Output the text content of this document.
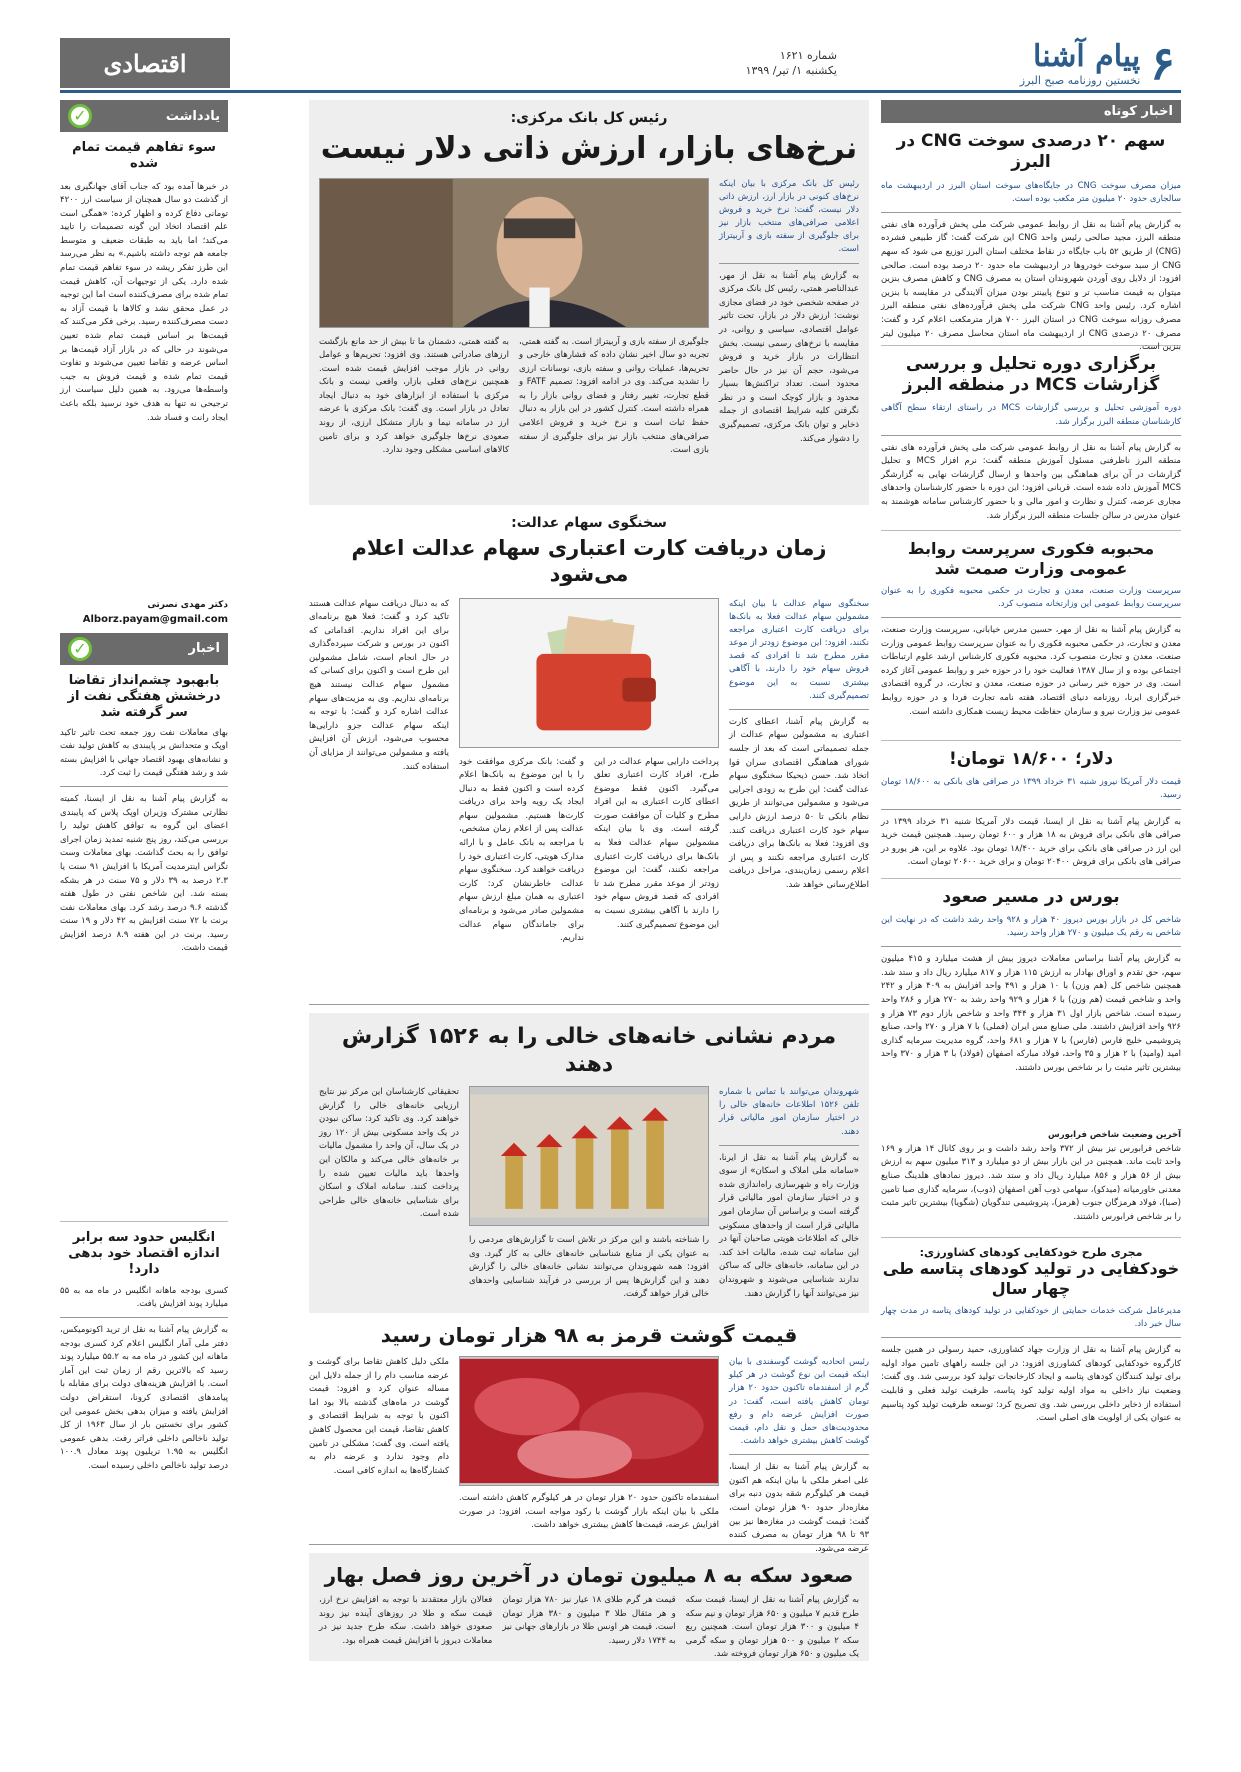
۶
پیام آشنا
نخستین روزنامه صبح البرز
شماره ۱۶۲۱
یکشنبه ۱/ تیر/ ۱۳۹۹
اقتصادی
اخبار کوتاه
سهم ۲۰ درصدی سوخت CNG در البرز
میزان مصرف سوخت CNG در جایگاه‌های سوخت استان البرز در اردیبهشت ماه سالجاری حدود ۲۰ میلیون متر مکعب بوده است.
به گزارش پیام آشنا به نقل از روابط عمومی شرکت ملی پخش فرآورده های نفتی منطقه البرز، مجید صالحی رئیس واحد CNG این شرکت گفت: گاز طبیعی فشرده (CNG) از طریق ۵۲ باب جایگاه در نقاط مختلف استان البرز توزیع می شود که سهم CNG از سبد سوخت خودروها در اردیبهشت ماه حدود ۲۰ درصد بوده است. صالحی افزود: از دلایل روی آوردن شهروندان استان به مصرف CNG و کاهش مصرف بنزین میتوان به قیمت مناسب تر و تنوع پایینتر بودن میزان آلایندگی در مقایسه با بنزین اشاره کرد. رئیس واحد CNG شرکت ملی پخش فرآورده‌های نفتی منطقه البرز مصرف روزانه سوخت CNG در استان البرز ۷۰۰ هزار مترمکعب اعلام کرد و گفت: مصرف ۲۰ درصدی CNG از اردیبهشت ماه استان محاسل مصرف ۲۰ میلیون لیتر بنزین است.
برگزاری دوره تحلیل و بررسی گزارشات MCS در منطقه البرز
دوره آموزشی تحلیل و بررسی گزارشات MCS در راستای ارتقاء سطح آگاهی کارشناسان منطقه البرز برگزار شد.
به گزارش پیام آشنا به نقل از روابط عمومی شرکت ملی پخش فرآورده های نفتی منطقه البرز ناظرفنی مسئول آموزش منطقه گفت: نرم افزار MCS و تحلیل گزارشات در آن برای هماهنگی بین واحدها و ارسال گزارشات نهایی به گزارشگر MCS آموزش داده شده است. قربانی افزود: این دوره با حضور کارشناسان واحدهای مجاری عرضه، کنترل و نظارت و امور مالی و با حضور کارشناس سامانه هوشمند به عنوان مدرس در سالن جلسات منطقه البرز برگزار شد.
محبوبه فکوری سرپرست روابط عمومی وزارت صمت شد
سرپرست وزارت صنعت، معدن و تجارت در حکمی محبوبه فکوری را به عنوان سرپرست روابط عمومی این وزارتخانه منصوب کرد.
به گزارش پیام آشنا به نقل از مهر، حسین مدرس خیابانی، سرپرست وزارت صنعت، معدن و تجارت، در حکمی محبوبه فکوری را به عنوان سرپرست روابط عمومی وزارت صنعت، معدن و تجارت منصوب کرد. محبوبه فکوری کارشناس ارشد علوم ارتباطات اجتماعی بوده و از سال ۱۳۸۷ فعالیت خود را در حوزه خبر و روابط عمومی آغاز کرده است. وی در حوزه خبر رسانی در حوزه صنعت، معدن و تجارت، در گروه اقتصادی خبرگزاری ایرنا، روزنامه دنیای اقتصاد، هفته نامه تجارت فردا و در حوزه روابط عمومی نیز وزارت نیرو و سازمان حفاظت محیط زیست همکاری داشته است.
دلار؛ ۱۸/۶۰۰ تومان!
قیمت دلار آمریکا نیروز شنبه ۳۱ خرداد ۱۳۹۹ در صرافی های بانکی به ۱۸/۶۰۰ تومان رسید.
به گزارش پیام آشنا به نقل از ایسنا، قیمت دلار آمریکا شنبه ۳۱ خرداد ۱۳۹۹ در صرافی های بانکی برای فروش به ۱۸ هزار و ۶۰۰ تومان رسید. همچنین قیمت خرید این ارز در صرافی های بانکی برای خرید ۱۸/۴۰۰ تومان بود. علاوه بر این، هر یورو در صرافی های بانکی برای فروش ۲۰۴۰۰ تومان و برای خرید ۲۰۶۰۰ تومان است.
بورس در مسیر صعود
شاخص کل در بازار بورس دیروز ۴۰ هزار و ۹۲۸ واحد رشد داشت که در نهایت این شاخص به رقم یک میلیون و ۲۷۰ هزار واحد رسید.
به گزارش پیام آشنا براساس معاملات دیروز بیش از هشت میلیارد و ۴۱۵ میلیون سهم، حق تقدم و اوراق بهادار به ارزش ۱۱۵ هزار و ۸۱۷ میلیارد ریال داد و ستد شد. همچنین شاخص کل (هم وزن) با ۱۰ هزار و ۴۹۱ واحد افزایش به ۴۰۹ هزار و ۲۴۲ واحد و شاخص قیمت (هم وزن) با ۶ هزار و ۹۲۹ واحد رشد به ۲۷۰ هزار و ۲۸۶ واحد رسیده است. شاخص بازار اول ۳۱ هزار و ۳۴۴ واحد و شاخص بازار دوم ۷۳ هزار و ۹۲۶ واحد افزایش داشتند. ملی صنایع مس ایران (فملی) با ۷ هزار و ۲۷۰ واحد، صنایع پتروشیمی خلیج فارس (فارس) با ۷ هزار و ۶۸۱ واحد، گروه مدیریت سرمایه گذاری امید (وامید) با ۲ هزار و ۳۵ واحد، فولاد مبارکه اصفهان (فولاد) با ۳ هزار و ۳۷۰ واحد بیشترین تاثیر مثبت را بر شاخص بورس داشتند.
آخرین وضعیت شاخص فرابورس
شاخص فرابورس نیز بیش از ۳۷۲ واحد رشد داشت و بر روی کانال ۱۴ هزار و ۱۶۹ واحد ثابت ماند. همچنین در این بازار بیش از دو میلیارد و ۳۱۳ میلیون سهم به ارزش بیش از ۵۶ هزار و ۸۵۶ میلیارد ریال داد و ستد شد. دیروز نمادهای هلدینگ صنایع معدنی خاورمیانه (میدکو)، سهامی ذوب آهن اصفهان (ذوب)، سرمایه گذاری صبا تامین (صبا)، فولاد هرمزگان جنوب (هرمز)، پتروشیمی تندگویان (شگویا) بیشترین تاثیر مثبت را بر شاخص فرابورس داشتند.
مجری طرح خودکفایی کودهای کشاورزی:
خودکفایی در تولید کودهای پتاسه طی چهار سال
مدیرعامل شرکت خدمات حمایتی از خودکفایی در تولید کودهای پتاسه در مدت چهار سال خبر داد.
به گزارش پیام آشنا به نقل از وزارت جهاد کشاورزی، حمید رسولی در همین جلسه کارگروه خودکفایی کودهای کشاورزی افزود: در این جلسه راههای تامین مواد اولیه برای تولید کنندگان کودهای پتاسه و ایجاد کارخانجات تولید کود بررسی شد. وی گفت: وضعیت نیاز داخلی به مواد اولیه تولید کود پتاسه، ظرفیت تولید فعلی و قابلیت استفاده از ذخایر داخلی بررسی شد. وی تصریح کرد: توسعه ظرفیت تولید کود پتاسیم به عنوان یکی از اولویت های اصلی است.
رئیس کل بانک مرکزی:
نرخ‌های بازار، ارزش ذاتی دلار نیست
رئیس کل بانک مرکزی با بیان اینکه نرخ‌های کنونی در بازار ارز، ارزش ذاتی دلار نیست، گفت: نرخ خرید و فروش اعلامی صرافی‌های منتخب بازار نیز برای جلوگیری از سفته بازی و آربیتراژ است.
به گزارش پیام آشنا به نقل از مهر، عبدالناصر همتی، رئیس کل بانک مرکزی در صفحه شخصی خود در فضای مجازی نوشت: ارزش دلار در بازار، تحت تاثیر عوامل اقتصادی، سیاسی و روانی، در مقایسه با نرخ‌های رسمی نیست. بخش انتظارات در بازار خرید و فروش می‌شود، حجم آن نیز در حال حاضر محدود است. تعداد تراکنش‌ها بسیار محدود و بازار کوچک است و در نظر نگرفتن کلیه شرایط اقتصادی از جمله ذخایر و توان بانک مرکزی، تصمیم‌گیری را دشوار می‌کند.
جلوگیری از سفته بازی و آربیتراژ است. به گفته همتی، تجربه دو سال اخیر نشان داده که فشارهای خارجی و تحریم‌ها، عملیات روانی و سفته بازی، نوسانات ارزی را تشدید می‌کند. وی در ادامه افزود: تصمیم FATF و قطع تجارت، تغییر رفتار و فضای روانی بازار را به همراه داشته است. کنترل کشور در این بازار به دنبال حفظ ثبات است و نرخ خرید و فروش اعلامی صرافی‌های منتخب بازار نیز برای جلوگیری از سفته بازی است.
به گفته همتی، دشمنان ما تا بیش از حد مانع بازگشت ارزهای صادراتی هستند. وی افزود: تحریم‌ها و عوامل روانی در بازار موجب افزایش قیمت شده است. همچنین نرخ‌های فعلی بازار، واقعی نیست و بانک مرکزی با استفاده از ابزارهای خود به دنبال ایجاد تعادل در بازار است. وی گفت: بانک مرکزی با عرضه ارز در سامانه نیما و بازار متشکل ارزی، از روند صعودی نرخ‌ها جلوگیری خواهد کرد و برای تامین کالاهای اساسی مشکلی وجود ندارد.
سخنگوی سهام عدالت:
زمان دریافت کارت اعتباری سهام عدالت اعلام می‌شود
سخنگوی سهام عدالت با بیان اینکه مشمولین سهام عدالت فعلا به بانک‌ها برای دریافت کارت اعتباری مراجعه نکنند، افزود: این موضوع زودتر از موعد مقرر مطرح شد تا افرادی که قصد فروش سهام خود را دارند، با آگاهی بیشتری نسبت به این موضوع تصمیم‌گیری کنند.
به گزارش پیام آشنا، اعطای کارت اعتباری به مشمولین سهام عدالت از جمله تصمیماتی است که بعد از جلسه شورای هماهنگی اقتصادی سران قوا اتخاذ شد. حسن ذیحیکا سخنگوی سهام عدالت گفت: این طرح به زودی اجرایی می‌شود و مشمولین می‌توانند از طریق نظام بانکی تا ۵۰ درصد ارزش دارایی سهام خود کارت اعتباری دریافت کنند. وی افزود: فعلا به بانک‌ها برای دریافت کارت اعتباری مراجعه نکنند و پس از اعلام رسمی زمان‌بندی، مراحل دریافت اطلاع‌رسانی خواهد شد.
پرداخت دارایی سهام عدالت در این طرح، افراد کارت اعتباری تعلق می‌گیرد. اکنون فقط موضوع اعطای کارت اعتباری به این افراد مطرح و کلیات آن موافقت صورت گرفته است. وی با بیان اینکه مشمولین سهام عدالت فعلا به بانک‌ها برای دریافت کارت اعتباری مراجعه نکنند، گفت: این موضوع زودتر از موعد مقرر مطرح شد تا افرادی که قصد فروش سهام خود را دارند با آگاهی بیشتری نسبت به این موضوع تصمیم‌گیری کنند.
و گفت: بانک مرکزی موافقت خود را با این موضوع به بانک‌ها اعلام کرده است و اکنون فقط به دنبال ایجاد یک رویه واحد برای دریافت کارت‌ها هستیم. مشمولین سهام عدالت پس از اعلام زمان مشخص، با مراجعه به بانک عامل و با ارائه مدارک هویتی، کارت اعتباری خود را دریافت خواهند کرد. سخنگوی سهام عدالت خاطرنشان کرد: کارت اعتباری به همان مبلغ ارزش سهام مشمولین صادر می‌شود و برنامه‌ای برای جاماندگان سهام عدالت نداریم.
که به دنبال دریافت سهام عدالت هستند تاکید کرد و گفت: فعلا هیچ برنامه‌ای برای این افراد نداریم. اقداماتی که اکنون در بورس و شرکت سپرده‌گذاری در حال انجام است، شامل مشمولین این طرح است و اکنون برای کسانی که مشمول سهام عدالت نیستند هیچ برنامه‌ای نداریم. وی به مزیت‌های سهام عدالت اشاره کرد و گفت: با توجه به اینکه سهام عدالت جزو دارایی‌ها محسوب می‌شود، ارزش آن افزایش یافته و مشمولین می‌توانند از مزایای آن استفاده کنند.
مردم نشانی خانه‌های خالی را به ۱۵۲۶ گزارش دهند
شهروندان می‌توانند با تماس با شماره تلفن ۱۵۲۶ اطلاعات خانه‌های خالی را در اختیار سازمان امور مالیاتی قرار دهند.
به گزارش پیام آشنا به نقل از ایرنا، «سامانه ملی املاک و اسکان» از سوی وزارت راه و شهرسازی راه‌اندازی شده و در اختیار سازمان امور مالیاتی قرار گرفته است و براساس آن سازمان امور مالیاتی قرار است از واحدهای مسکونی خالی که اطلاعات هویتی صاحبان آنها در این سامانه ثبت شده، مالیات اخذ کند. در این سامانه، خانه‌های خالی که ساکن ندارند شناسایی می‌شوند و شهروندان نیز می‌توانند آنها را گزارش دهند.
را شناخته باشند و این مرکز در تلاش است تا گزارش‌های مردمی را به عنوان یکی از منابع شناسایی خانه‌های خالی به کار گیرد. وی افزود: همه شهروندان می‌توانند نشانی خانه‌های خالی را گزارش دهند و این گزارش‌ها پس از بررسی در فرآیند شناسایی واحدهای خالی قرار خواهد گرفت.
تحقیقاتی کارشناسان این مرکز نیز نتایج ارزیابی خانه‌های خالی را گزارش خواهند کرد. وی تاکید کرد: ساکن نبودن در یک واحد مسکونی بیش از ۱۲۰ روز در یک سال، آن واحد را مشمول مالیات بر خانه‌های خالی می‌کند و مالکان این واحدها باید مالیات تعیین شده را پرداخت کنند. سامانه املاک و اسکان برای شناسایی خانه‌های خالی طراحی شده است.
قیمت گوشت قرمز به ۹۸ هزار تومان رسید
رئیس اتحادیه گوشت گوسفندی با بیان اینکه قیمت این نوع گوشت در هر کیلو گرم از اسفندماه تاکنون حدود ۲۰ هزار تومان کاهش یافته است، گفت: در صورت افزایش عرضه دام و رفع محدودیت‌های حمل و نقل دام، قیمت گوشت کاهش بیشتری خواهد داشت.
به گزارش پیام آشنا به نقل از ایسنا، علی اصغر ملکی با بیان اینکه هم اکنون قیمت هر کیلوگرم شقه بدون دنبه برای مغازه‌دار حدود ۹۰ هزار تومان است، گفت: قیمت گوشت در مغازه‌ها نیز بین ۹۳ تا ۹۸ هزار تومان به مصرف کننده عرضه می‌شود.
اسفندماه تاکنون حدود ۲۰ هزار تومان در هر کیلوگرم کاهش داشته است. ملکی با بیان اینکه بازار گوشت با رکود مواجه است، افزود: در صورت افزایش عرضه، قیمت‌ها کاهش بیشتری خواهد داشت.
ملکی دلیل کاهش تقاضا برای گوشت و عرضه مناسب دام را از جمله دلایل این مساله عنوان کرد و افزود: قیمت گوشت در ماه‌های گذشته بالا بود اما اکنون با توجه به شرایط اقتصادی و کاهش تقاضا، قیمت این محصول کاهش یافته است. وی گفت: مشکلی در تامین دام وجود ندارد و عرضه دام به کشتارگاه‌ها به اندازه کافی است.
صعود سکه به ۸ میلیون تومان در آخرین روز فصل بهار
به گزارش پیام آشنا به نقل از ایسنا، قیمت سکه طرح قدیم ۷ میلیون و ۶۵۰ هزار تومان و نیم سکه ۴ میلیون و ۳۰۰ هزار تومان است. همچنین ربع سکه ۲ میلیون و ۵۰۰ هزار تومان و سکه گرمی یک میلیون و ۶۵۰ هزار تومان فروخته شد.
قیمت هر گرم طلای ۱۸ عیار نیز ۷۸۰ هزار تومان و هر مثقال طلا ۳ میلیون و ۳۸۰ هزار تومان است. قیمت هر اونس طلا در بازارهای جهانی نیز به ۱۷۴۴ دلار رسید.
فعالان بازار معتقدند با توجه به افزایش نرخ ارز، قیمت سکه و طلا در روزهای آینده نیز روند صعودی خواهد داشت. سکه طرح جدید نیز در معاملات دیروز با افزایش قیمت همراه بود.
یادداشت
✓
سوء تفاهم قیمت تمام شده
در خبرها آمده بود که جناب آقای جهانگیری بعد از گذشت دو سال همچنان از سیاست ارز ۴۲۰۰ تومانی دفاع کرده و اظهار کرده: «همگی است علم اقتصاد اتخاذ این گونه تصمیمات را تایید می‌کند؛ اما باید به طبقات ضعیف و متوسط جامعه هم توجه داشته باشیم.» به نظر می‌رسد این طرز تفکر ریشه در سوء تفاهم قیمت تمام شده دارد. یکی از توجیهات آن، کاهش قیمت تمام شده برای مصرف‌کننده است اما این توجیه در عمل محقق نشد و کالاها با قیمت آزاد به دست مصرف‌کننده رسید. برخی فکر می‌کنند که قیمت‌ها بر اساس قیمت تمام شده تعیین می‌شوند در حالی که در بازار آزاد قیمت‌ها بر اساس عرضه و تقاضا تعیین می‌شوند و تفاوت قیمت تمام شده و قیمت فروش به جیب واسطه‌ها می‌رود. به همین دلیل سیاست ارز ترجیحی نه تنها به هدف خود نرسید بلکه باعث ایجاد رانت و فساد شد.
دکتر مهدی نصرتی
Alborz.payam@gmail.com
اخبار
✓
بابهبود چشم‌انداز تقاضا درخشش هفتگی نفت از سر گرفته شد
بهای معاملات نفت روز جمعه تحت تاثیر تاکید اوپک و متحدانش بر پایبندی به کاهش تولید نفت و نشانه‌های بهبود اقتصاد جهانی با افزایش بسته شد و رشد هفتگی قیمت را ثبت کرد.
به گزارش پیام آشنا به نقل از ایسنا، کمیته نظارتی مشترک وزیران اوپک پلاس که پایبندی اعضای این گروه به توافق کاهش تولید را بررسی می‌کند، روز پنج شنبه تمدید زمان اجرای توافق را به بحث گذاشت. بهای معاملات وست تگزاس اینترمدیت آمریکا با افزایش ۹۱ سنت یا ۲.۳ درصد به ۳۹ دلار و ۷۵ سنت در هر بشکه بسته شد. این شاخص نفتی در طول هفته گذشته ۹.۶ درصد رشد کرد. بهای معاملات نفت برنت با ۷۲ سنت افزایش به ۴۲ دلار و ۱۹ سنت رسید. برنت در این هفته ۸.۹ درصد افزایش قیمت داشت.
انگلیس حدود سه برابر اندازه اقتصاد خود بدهی دارد!
کسری بودجه ماهانه انگلیس در ماه مه به ۵۵ میلیارد پوند افزایش یافت.
به گزارش پیام آشنا به نقل از ترید اکونومیکس، دفتر ملی آمار انگلیس اعلام کرد کسری بودجه ماهانه این کشور در ماه مه به ۵۵.۲ میلیارد پوند رسید که بالاترین رقم از زمان ثبت این آمار است. با افزایش هزینه‌های دولت برای مقابله با پیامدهای اقتصادی کرونا، استقراض دولت افزایش یافته و میزان بدهی بخش عمومی این کشور برای نخستین بار از سال ۱۹۶۳ از کل تولید ناخالص داخلی فراتر رفت. بدهی عمومی انگلیس به ۱.۹۵ تریلیون پوند معادل ۱۰۰.۹ درصد تولید ناخالص داخلی رسیده است.
